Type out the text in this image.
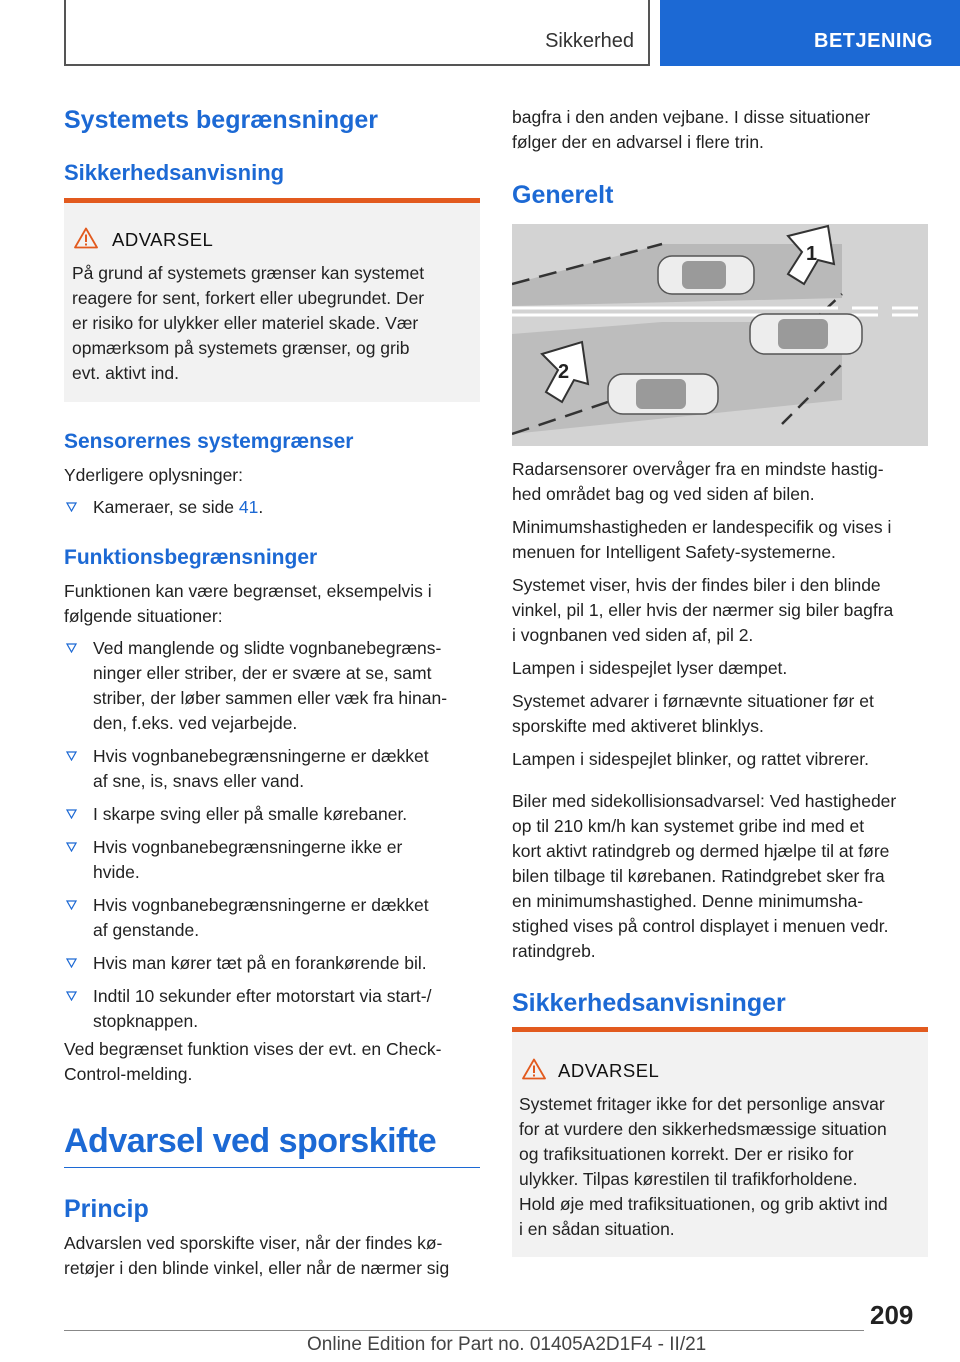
Sikkerhed	BETJENING
Systemets begrænsninger
Sikkerhedsanvisning
ADVARSEL
På grund af systemets grænser kan systemet
reagere for sent, forkert eller ubegrundet. Der
er risiko for ulykker eller materiel skade. Vær
opmærksom på systemets grænser, og grib
evt. aktivt ind.
Sensorernes systemgrænser
Yderligere oplysninger:
Kameraer, se side 41.
Funktionsbegrænsninger
Funktionen kan være begrænset, eksempelvis i
følgende situationer:
Ved manglende og slidte vognbanebegræns-
ninger eller striber, der er svære at se, samt
striber, der løber sammen eller væk fra hinan-
den, f.eks. ved vejarbejde.
Hvis vognbanebegrænsningerne er dækket
af sne, is, snavs eller vand.
I skarpe sving eller på smalle kørebaner.
Hvis vognbanebegrænsningerne ikke er
hvide.
Hvis vognbanebegrænsningerne er dækket
af genstande.
Hvis man kører tæt på en forankørende bil.
Indtil 10 sekunder efter motorstart via start-/
stopknappen.
Ved begrænset funktion vises der evt. en Check-
Control-melding.
Advarsel ved sporskifte
Princip
Advarslen ved sporskifte viser, når der findes kø-
retøjer i den blinde vinkel, eller når de nærmer sig
bagfra i den anden vejbane. I disse situationer
følger der en advarsel i flere trin.
Generelt
1
2
Radarsensorer overvåger fra en mindste hastig-
hed området bag og ved siden af bilen.
Minimumshastigheden er landespecifik og vises i
menuen for Intelligent Safety-systemerne.
Systemet viser, hvis der findes biler i den blinde
vinkel, pil 1, eller hvis der nærmer sig biler bagfra
i vognbanen ved siden af, pil 2.
Lampen i sidespejlet lyser dæmpet.
Systemet advarer i førnævnte situationer før et
sporskifte med aktiveret blinklys.
Lampen i sidespejlet blinker, og rattet vibrerer.
Biler med sidekollisionsadvarsel: Ved hastigheder
op til 210 km/h kan systemet gribe ind med et
kort aktivt ratindgreb og dermed hjælpe til at føre
bilen tilbage til kørebanen. Ratindgrebet sker fra
en minimumshastighed. Denne minimumsha-
stighed vises på control displayet i menuen vedr.
ratindgreb.
Sikkerhedsanvisninger
ADVARSEL
Systemet fritager ikke for det personlige ansvar
for at vurdere den sikkerhedsmæssige situation
og trafiksituationen korrekt. Der er risiko for
ulykker. Tilpas kørestilen til trafikforholdene.
Hold øje med trafiksituationen, og grib aktivt ind
i en sådan situation.
209
Online Edition for Part no. 01405A2D1F4 - II/21
